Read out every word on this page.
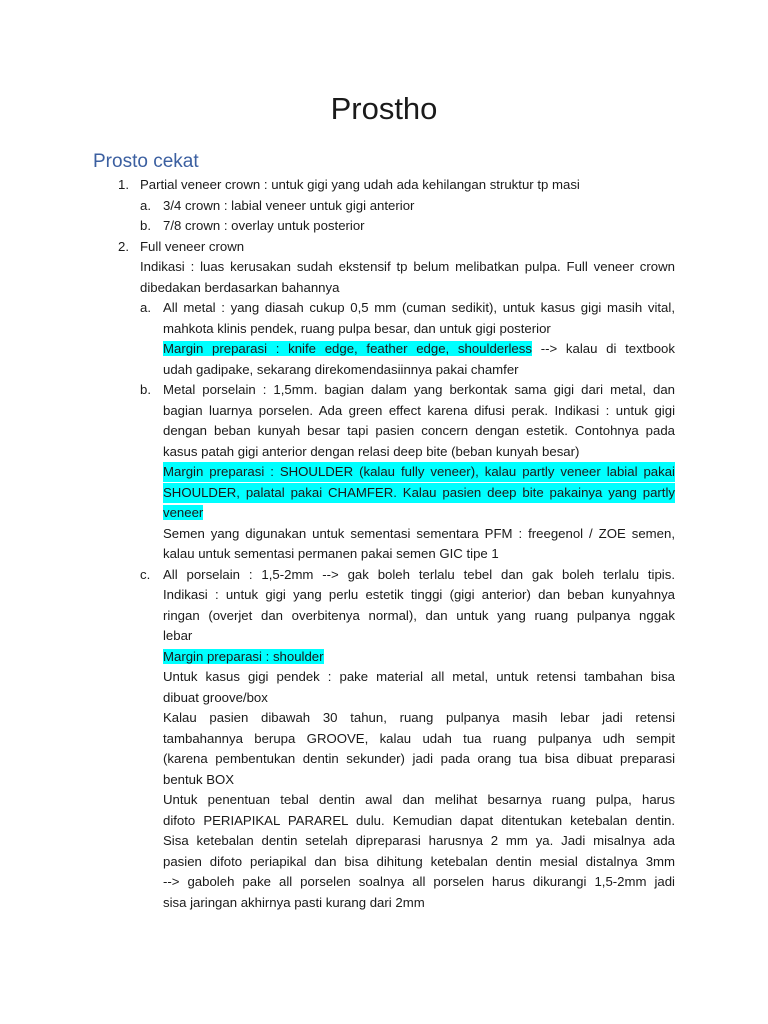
Prostho
Prosto cekat
1. Partial veneer crown : untuk gigi yang udah ada kehilangan struktur tp masi
a. 3/4 crown : labial veneer untuk gigi anterior
b. 7/8 crown : overlay untuk posterior
2. Full veneer crown
Indikasi : luas kerusakan sudah ekstensif tp belum melibatkan pulpa. Full veneer crown
dibedakan berdasarkan bahannya
a. All metal : yang diasah cukup 0,5 mm (cuman sedikit), untuk kasus gigi masih vital,
mahkota klinis pendek, ruang pulpa besar, dan untuk gigi posterior
Margin preparasi : knife edge, feather edge, shoulderless --> kalau di textbook
udah gadipake, sekarang direkomendasiinnya pakai chamfer
b. Metal porselain : 1,5mm. bagian dalam yang berkontak sama gigi dari metal, dan
bagian luarnya porselen. Ada green effect karena difusi perak. Indikasi : untuk gigi
dengan beban kunyah besar tapi pasien concern dengan estetik. Contohnya pada
kasus patah gigi anterior dengan relasi deep bite (beban kunyah besar)
Margin preparasi : SHOULDER (kalau fully veneer), kalau partly veneer labial pakai
SHOULDER, palatal pakai CHAMFER. Kalau pasien deep bite pakainya yang partly
veneer
Semen yang digunakan untuk sementasi sementara PFM : freegenol / ZOE semen,
kalau untuk sementasi permanen pakai semen GIC tipe 1
c. All porselain : 1,5-2mm --> gak boleh terlalu tebel dan gak boleh terlalu tipis.
Indikasi : untuk gigi yang perlu estetik tinggi (gigi anterior) dan beban kunyahnya
ringan (overjet dan overbitenya normal), dan untuk yang ruang pulpanya nggak
lebar
Margin preparasi : shoulder
Untuk kasus gigi pendek : pake material all metal, untuk retensi tambahan bisa
dibuat groove/box
Kalau pasien dibawah 30 tahun, ruang pulpanya masih lebar jadi retensi
tambahannya berupa GROOVE, kalau udah tua ruang pulpanya udh sempit
(karena pembentukan dentin sekunder) jadi pada orang tua bisa dibuat preparasi
bentuk BOX
Untuk penentuan tebal dentin awal dan melihat besarnya ruang pulpa, harus
difoto PERIAPIKAL PARAREL dulu. Kemudian dapat ditentukan ketebalan dentin.
Sisa ketebalan dentin setelah dipreparasi harusnya 2 mm ya. Jadi misalnya ada
pasien difoto periapikal dan bisa dihitung ketebalan dentin mesial distalnya 3mm
--> gaboleh pake all porselen soalnya all porselen harus dikurangi 1,5-2mm jadi
sisa jaringan akhirnya pasti kurang dari 2mm
